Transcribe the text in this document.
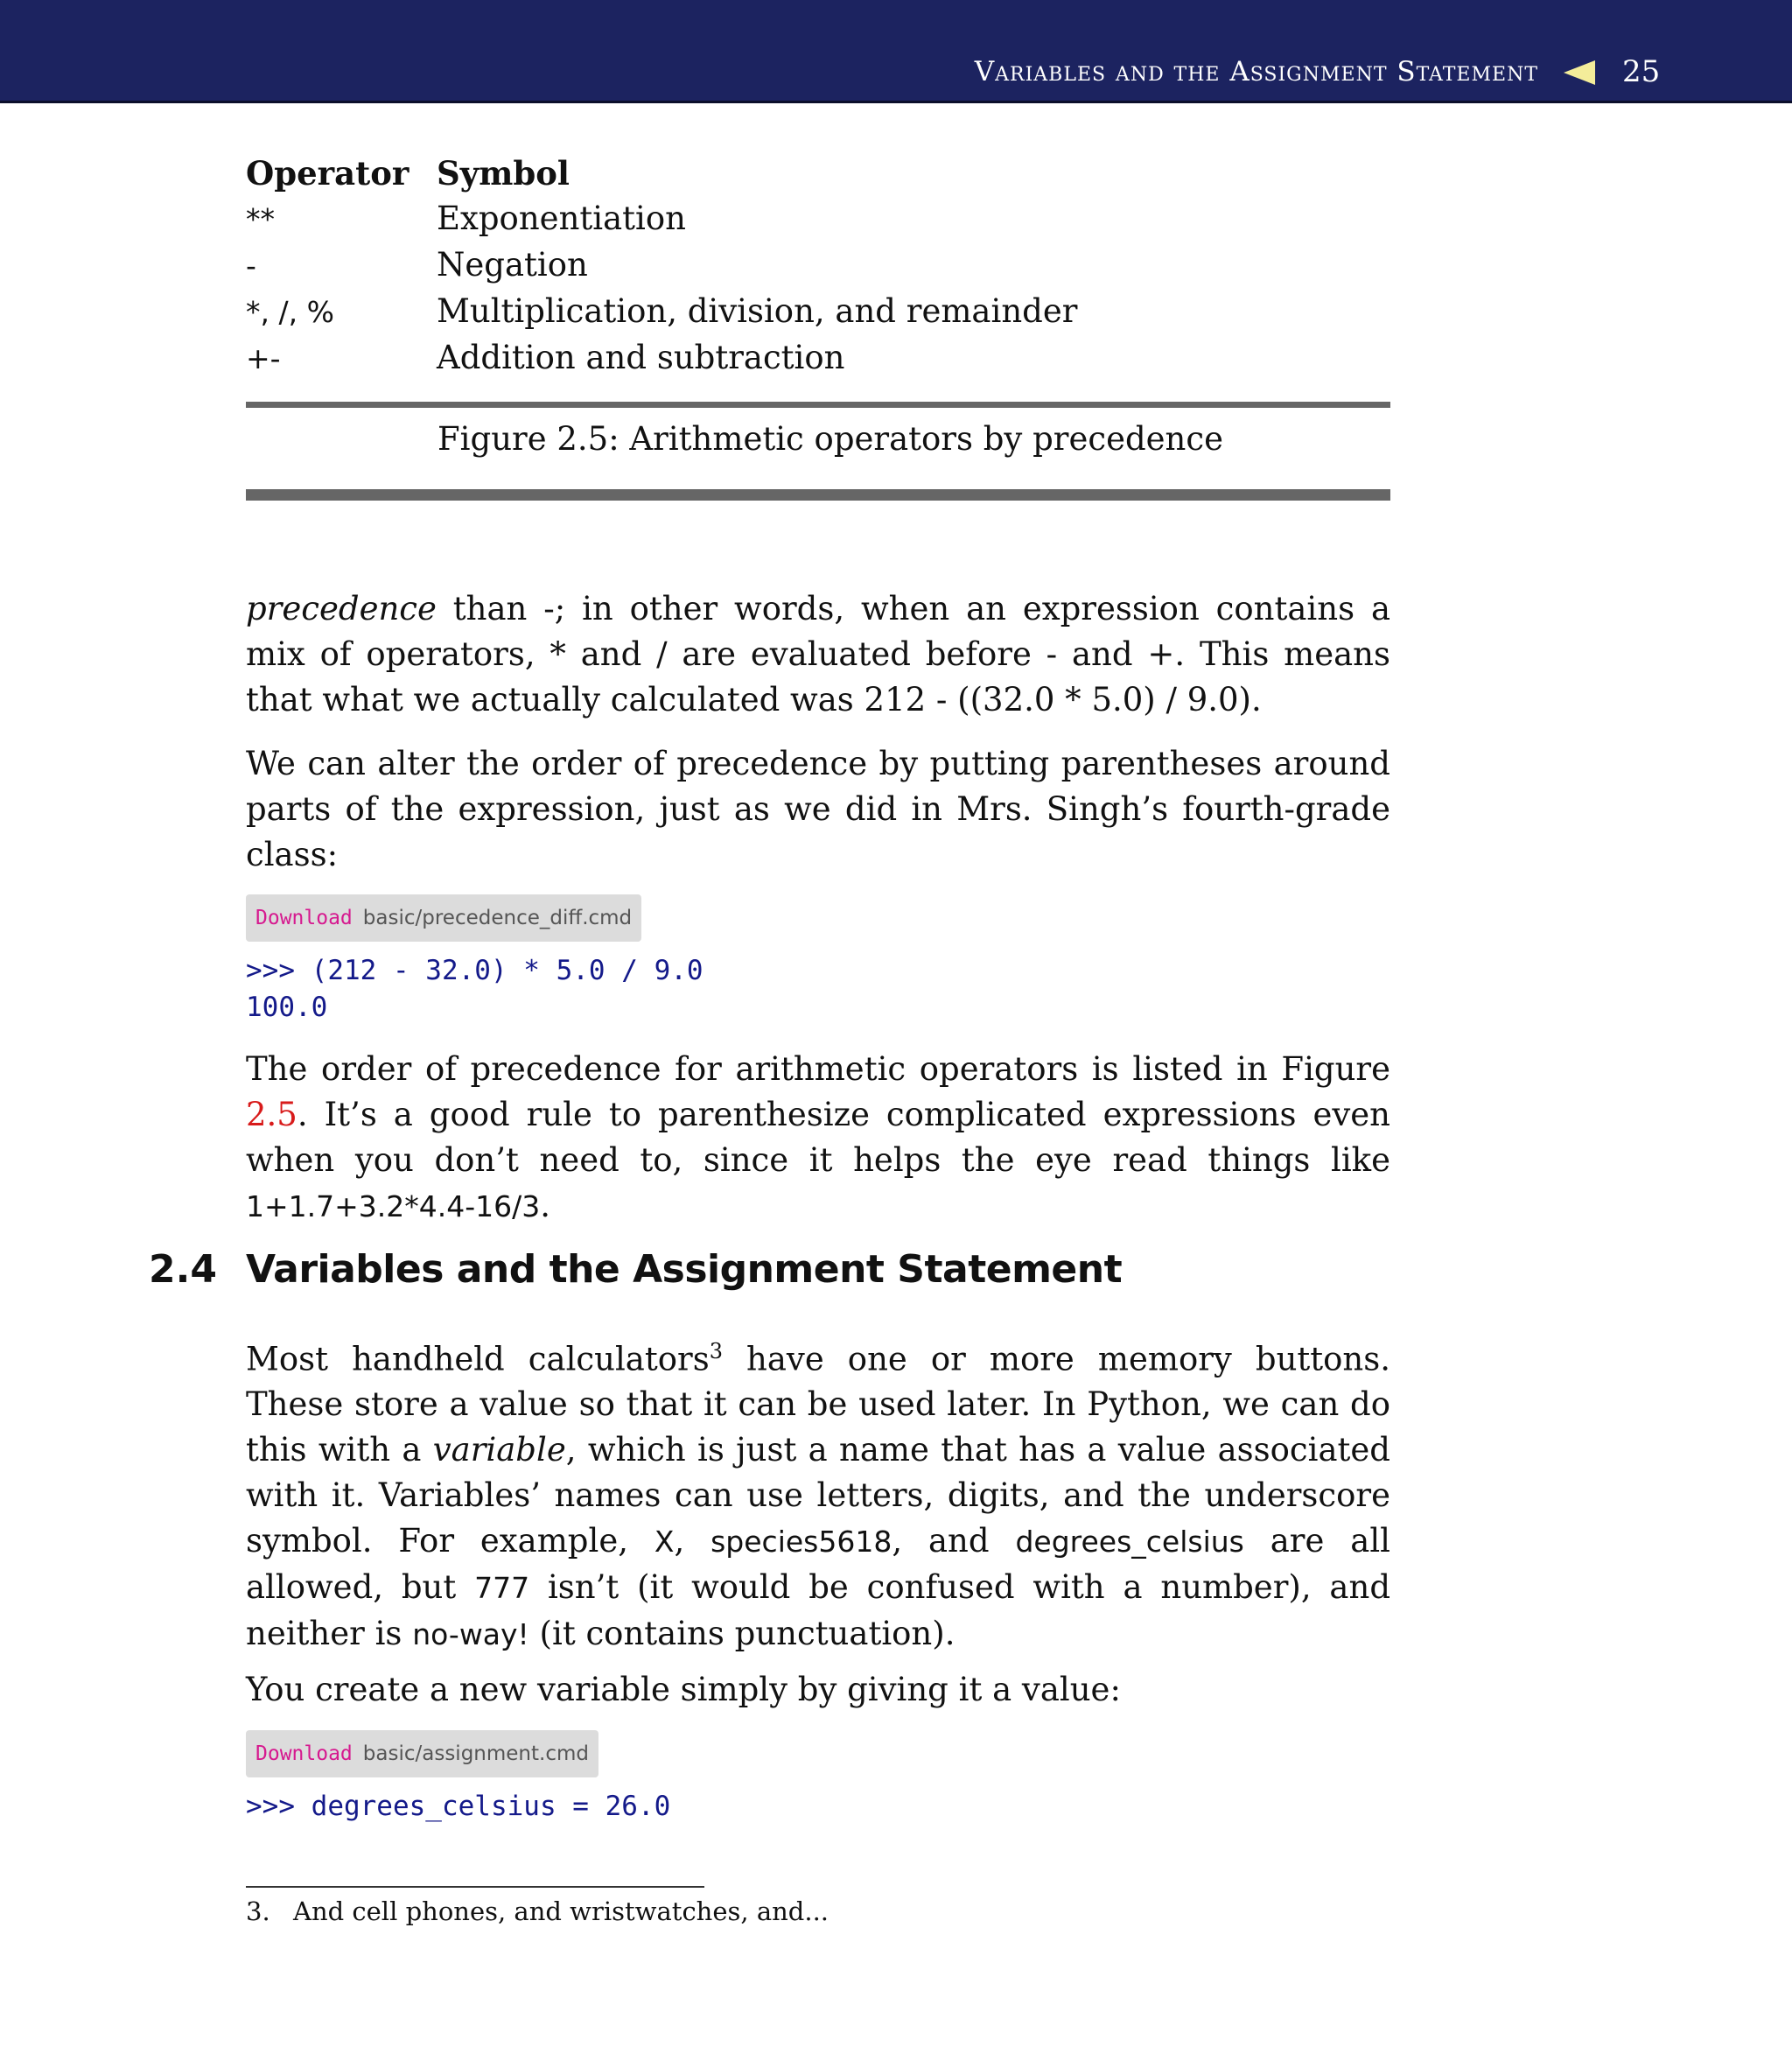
Variables and the Assignment Statement	25
Operator	Symbol
**	Exponentiation
-	Negation
*, /, %	Multiplication, division, and remainder
+-	Addition and subtraction
Figure 2.5: Arithmetic operators by precedence

precedence than -; in other words, when an expression contains a mix of operators, * and / are evaluated before - and +. This means that what we actually calculated was 212 - ((32.0 * 5.0) / 9.0).

We can alter the order of precedence by putting parentheses around parts of the expression, just as we did in Mrs. Singh’s fourth-grade class:

Download basic/precedence_diff.cmd
>>> (212 - 32.0) * 5.0 / 9.0
100.0

The order of precedence for arithmetic operators is listed in Figure 2.5. It’s a good rule to parenthesize complicated expressions even when you don’t need to, since it helps the eye read things like 1+1.7+3.2*4.4-16/3.

2.4 Variables and the Assignment Statement

Most handheld calculators$^3$ have one or more memory buttons. These store a value so that it can be used later. In Python, we can do this with a variable, which is just a name that has a value associated with it. Variables’ names can use letters, digits, and the underscore symbol. For example, X, species5618, and degrees_celsius are all allowed, but 777 isn’t (it would be confused with a number), and neither is no-way! (it contains punctuation).

You create a new variable simply by giving it a value:

Download basic/assignment.cmd
>>> degrees_celsius = 26.0
3. And cell phones, and wristwatches, and...
